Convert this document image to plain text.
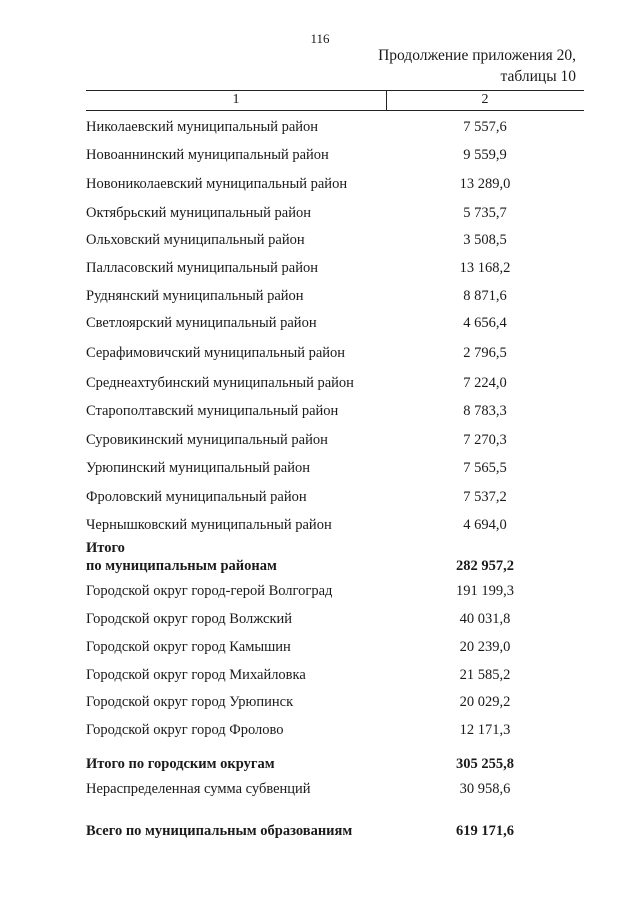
116
Продолжение приложения 20,
таблицы 10
1	2
Николаевский муниципальный район	7 557,6
Новоаннинский муниципальный район	9 559,9
Новониколаевский муниципальный район	13 289,0
Октябрьский муниципальный район	5 735,7
Ольховский муниципальный район	3 508,5
Палласовский муниципальный район	13 168,2
Руднянский муниципальный район	8 871,6
Светлоярский муниципальный район	4 656,4
Серафимовичский муниципальный район	2 796,5
Среднеахтубинский муниципальный район	7 224,0
Старополтавский муниципальный район	8 783,3
Суровикинский муниципальный район	7 270,3
Урюпинский муниципальный район	7 565,5
Фроловский муниципальный район	7 537,2
Чернышковский муниципальный район	4 694,0
Итого
по муниципальным районам	282 957,2
Городской округ город-герой Волгоград	191 199,3
Городской округ город Волжский	40 031,8
Городской округ город Камышин	20 239,0
Городской округ город Михайловка	21 585,2
Городской округ город Урюпинск	20 029,2
Городской округ город Фролово	12 171,3
Итого по городским округам	305 255,8
Нераспределенная сумма субвенций	30 958,6
Всего по муниципальным образованиям	619 171,6
